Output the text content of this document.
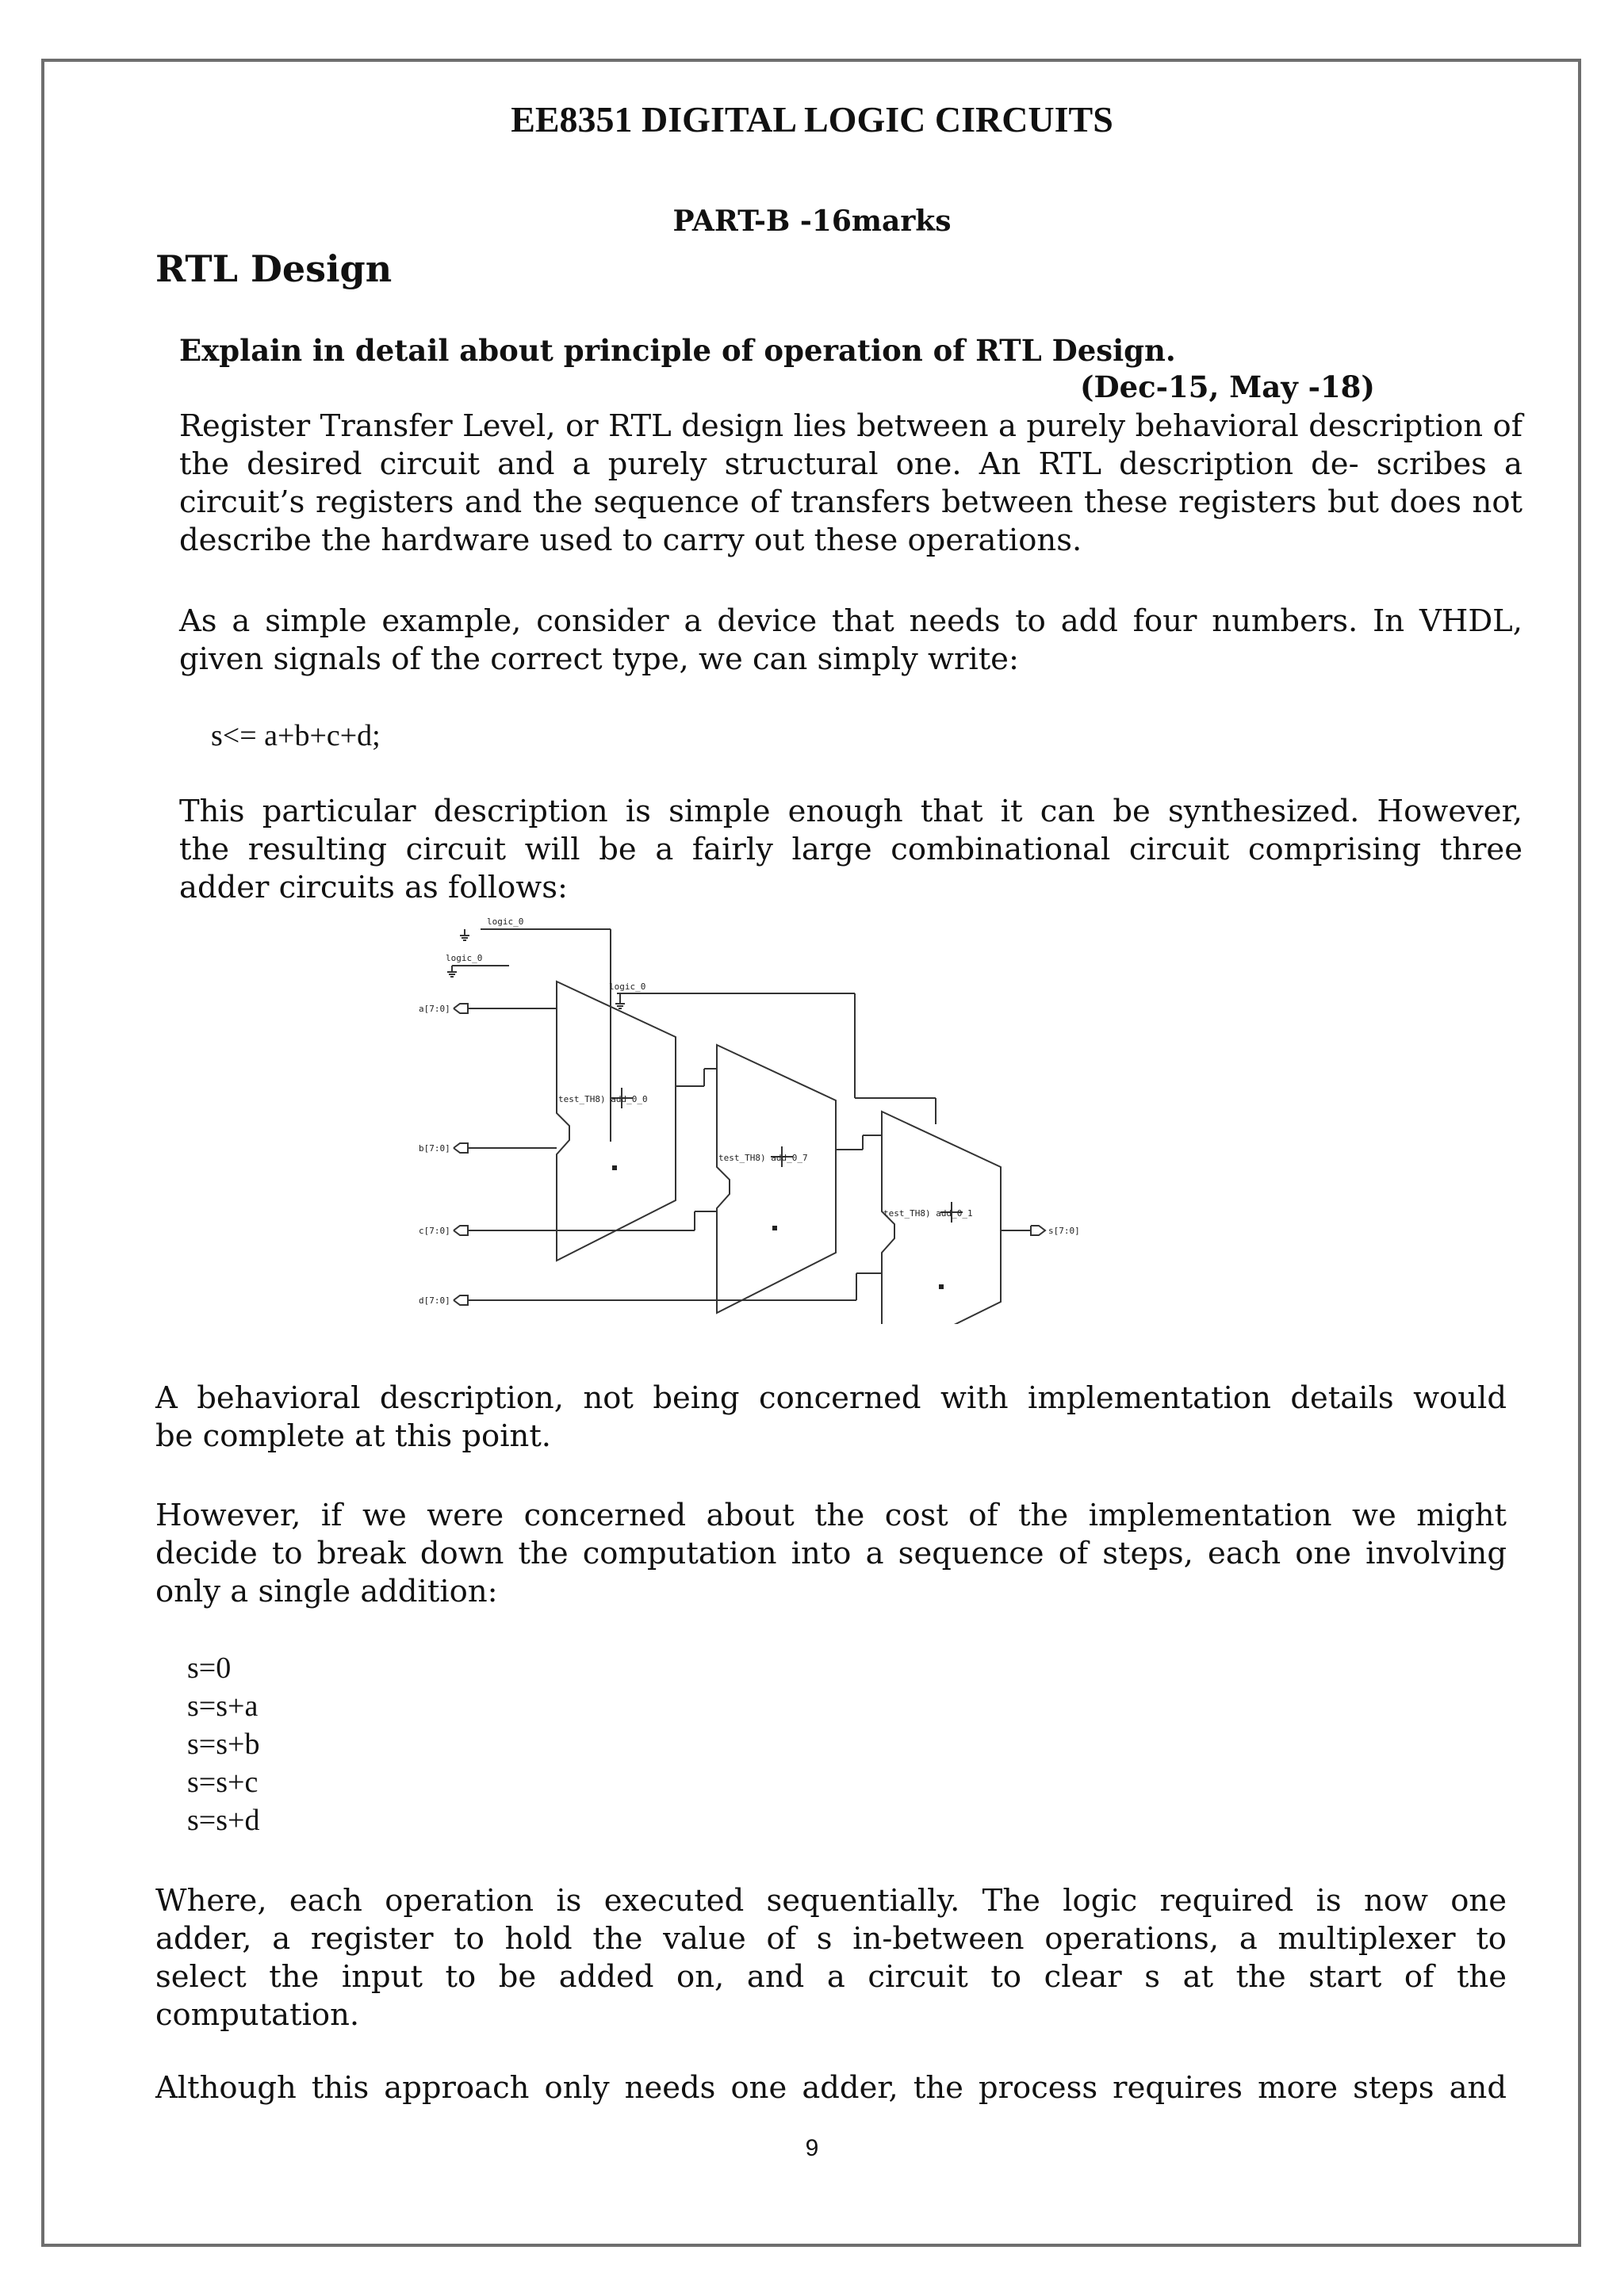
EE8351 DIGITAL LOGIC CIRCUITS
PART-B -16marks
RTL Design
Explain in detail about principle of operation of RTL Design.
(Dec-15, May -18)
Register Transfer Level, or RTL design lies between a purely behavioral description of
the desired circuit and a purely structural one. An RTL description de- scribes a
circuit’s registers and the sequence of transfers between these registers but does not
describe the hardware used to carry out these operations.
As a simple example, consider a device that needs to add four numbers. In VHDL,
given signals of the correct type, we can simply write:
s<= a+b+c+d;
This particular description is simple enough that it can be synthesized. However,
the resulting circuit will be a fairly large combinational circuit comprising three
adder circuits as follows:
logic_0
logic_0
logic_0
a[7:0]
b[7:0]
c[7:0]
d[7:0]
s[7:0]
test_TH8) add_0_0
test_TH8) add_0_7
test_TH8) add_0_1
A behavioral description, not being concerned with implementation details would
be complete at this point.
However, if we were concerned about the cost of the implementation we might
decide to break down the computation into a sequence of steps, each one involving
only a single addition:
s=0
s=s+a
s=s+b
s=s+c
s=s+d
Where, each operation is executed sequentially. The logic required is now one
adder, a register to hold the value of s in-between operations, a multiplexer to
select the input to be added on, and a circuit to clear s at the start of the
computation.
Although this approach only needs one adder, the process requires more steps and
9
